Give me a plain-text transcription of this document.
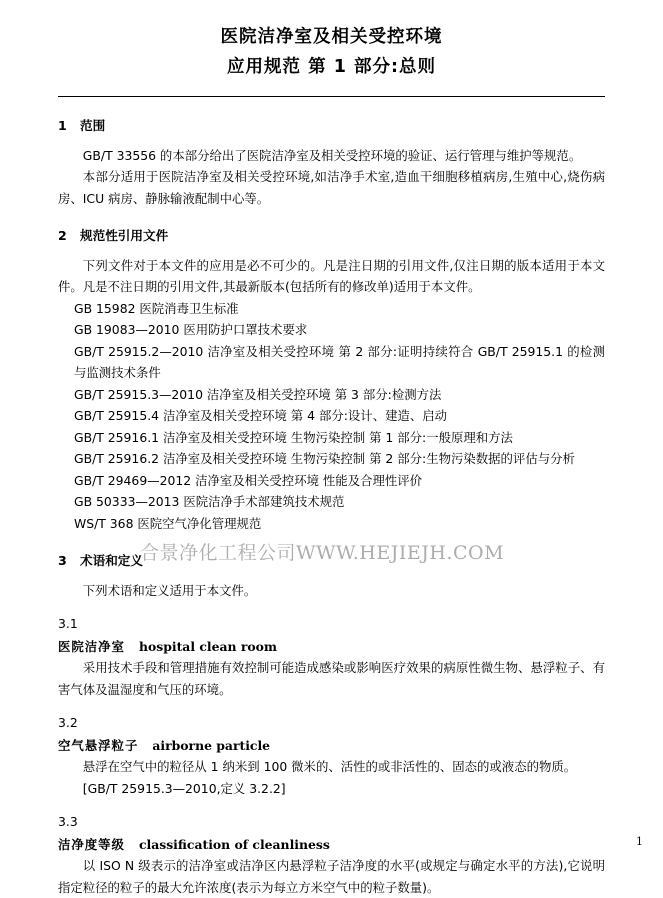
医院洁净室及相关受控环境
应用规范 第 1 部分:总则
1 范围

GB/T 33556 的本部分给出了医院洁净室及相关受控环境的验证、运行管理与维护等规范。

本部分适用于医院洁净室及相关受控环境,如洁净手术室,造血干细胞移植病房,生殖中心,烧伤病房、ICU 病房、静脉输液配制中心等。

2 规范性引用文件

下列文件对于本文件的应用是必不可少的。凡是注日期的引用文件,仅注日期的版本适用于本文件。凡是不注日期的引用文件,其最新版本(包括所有的修改单)适用于本文件。

GB 15982 医院消毒卫生标准
GB 19083—2010 医用防护口罩技术要求
GB/T 25915.2—2010 洁净室及相关受控环境 第 2 部分:证明持续符合 GB/T 25915.1 的检测与监测技术条件
GB/T 25915.3—2010 洁净室及相关受控环境 第 3 部分:检测方法
GB/T 25915.4 洁净室及相关受控环境 第 4 部分:设计、建造、启动
GB/T 25916.1 洁净室及相关受控环境 生物污染控制 第 1 部分:一般原理和方法
GB/T 25916.2 洁净室及相关受控环境 生物污染控制 第 2 部分:生物污染数据的评估与分析
GB/T 29469—2012 洁净室及相关受控环境 性能及合理性评价
GB 50333—2013 医院洁净手术部建筑技术规范
WS/T 368 医院空气净化管理规范
3 术语和定义

下列术语和定义适用于本文件。

3.1
医院洁净室 hospital clean room

采用技术手段和管理措施有效控制可能造成感染或影响医疗效果的病原性微生物、悬浮粒子、有害气体及温湿度和气压的环境。

3.2
空气悬浮粒子 airborne particle

悬浮在空气中的粒径从 1 纳米到 100 微米的、活性的或非活性的、固态的或液态的物质。

[GB/T 25915.3—2010,定义 3.2.2]

3.3
洁净度等级 classification of cleanliness

以 ISO N 级表示的洁净室或洁净区内悬浮粒子洁净度的水平(或规定与确定水平的方法),它说明指定粒径的粒子的最大允许浓度(表示为每立方米空气中的粒子数量)。

合景净化工程公司WWW.HEJIEJH.COM
1
